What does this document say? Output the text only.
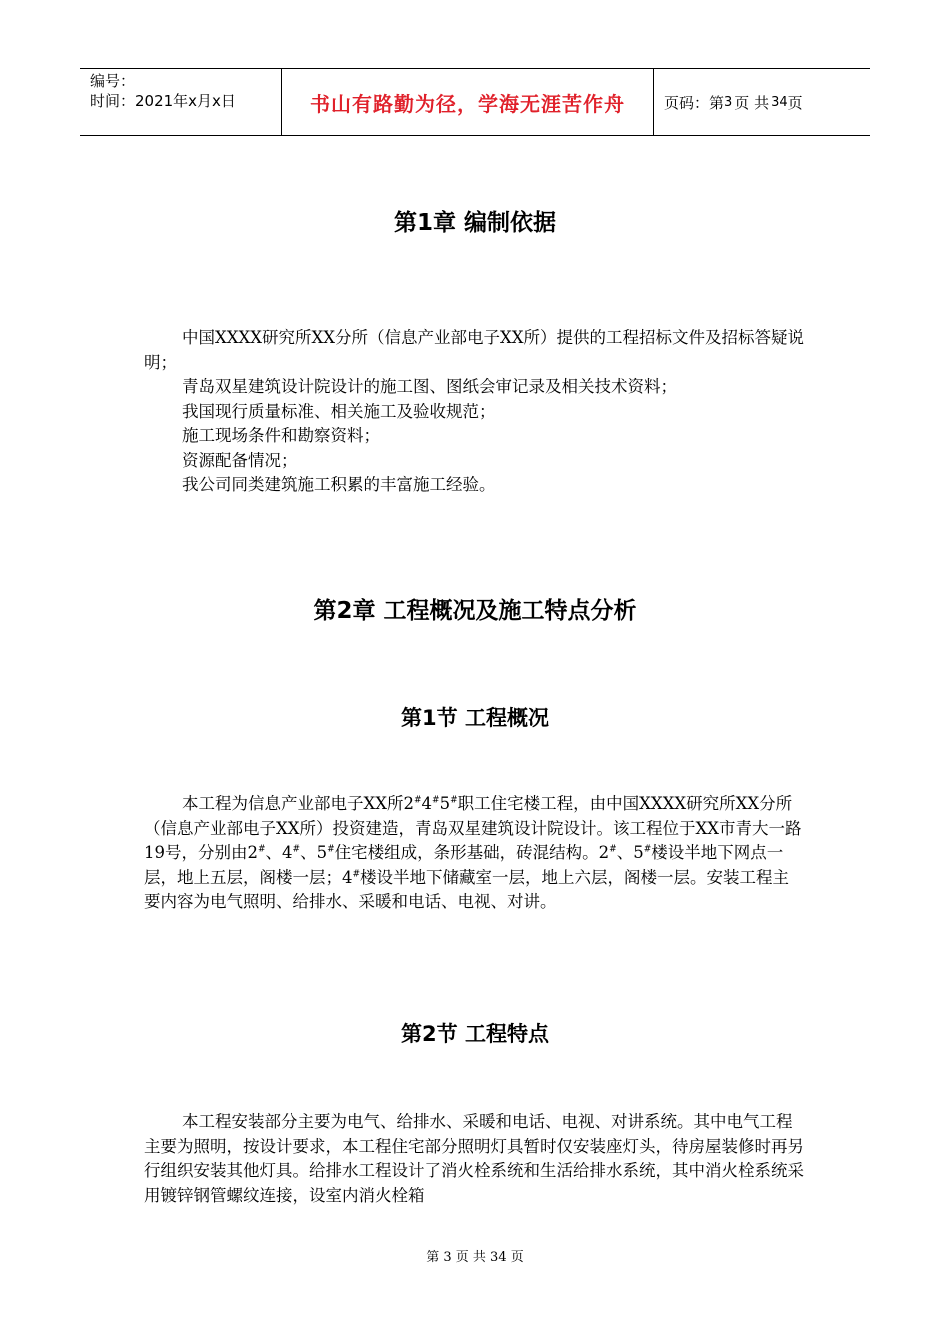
编号：
时间：2021年x月x日	书山有路勤为径，学海无涯苦作舟	页码：第 3 页 共 34 页
第1章 编制依据

中国XXXX研究所XX分所（信息产业部电子XX所）提供的工程招标文件及招标答疑说明；

青岛双星建筑设计院设计的施工图、图纸会审记录及相关技术资料；

我国现行质量标准、相关施工及验收规范；

施工现场条件和勘察资料；

资源配备情况；

我公司同类建筑施工积累的丰富施工经验。

第2章 工程概况及施工特点分析
第1节 工程概况

本工程为信息产业部电子XX所2#4#5#职工住宅楼工程，由中国XXXX研究所XX分所（信息产业部电子XX所）投资建造，青岛双星建筑设计院设计。该工程位于XX市青大一路19号，分别由2#、4#、5#住宅楼组成，条形基础，砖混结构。2#、5#楼设半地下网点一层，地上五层，阁楼一层；4#楼设半地下储藏室一层，地上六层，阁楼一层。安装工程主要内容为电气照明、给排水、采暖和电话、电视、对讲。

第2节 工程特点

本工程安装部分主要为电气、给排水、采暖和电话、电视、对讲系统。其中电气工程主要为照明，按设计要求，本工程住宅部分照明灯具暂时仅安装座灯头，待房屋装修时再另行组织安装其他灯具。给排水工程设计了消火栓系统和生活给排水系统，其中消火栓系统采用镀锌钢管螺纹连接，设室内消火栓箱

第 3 页 共 34 页
